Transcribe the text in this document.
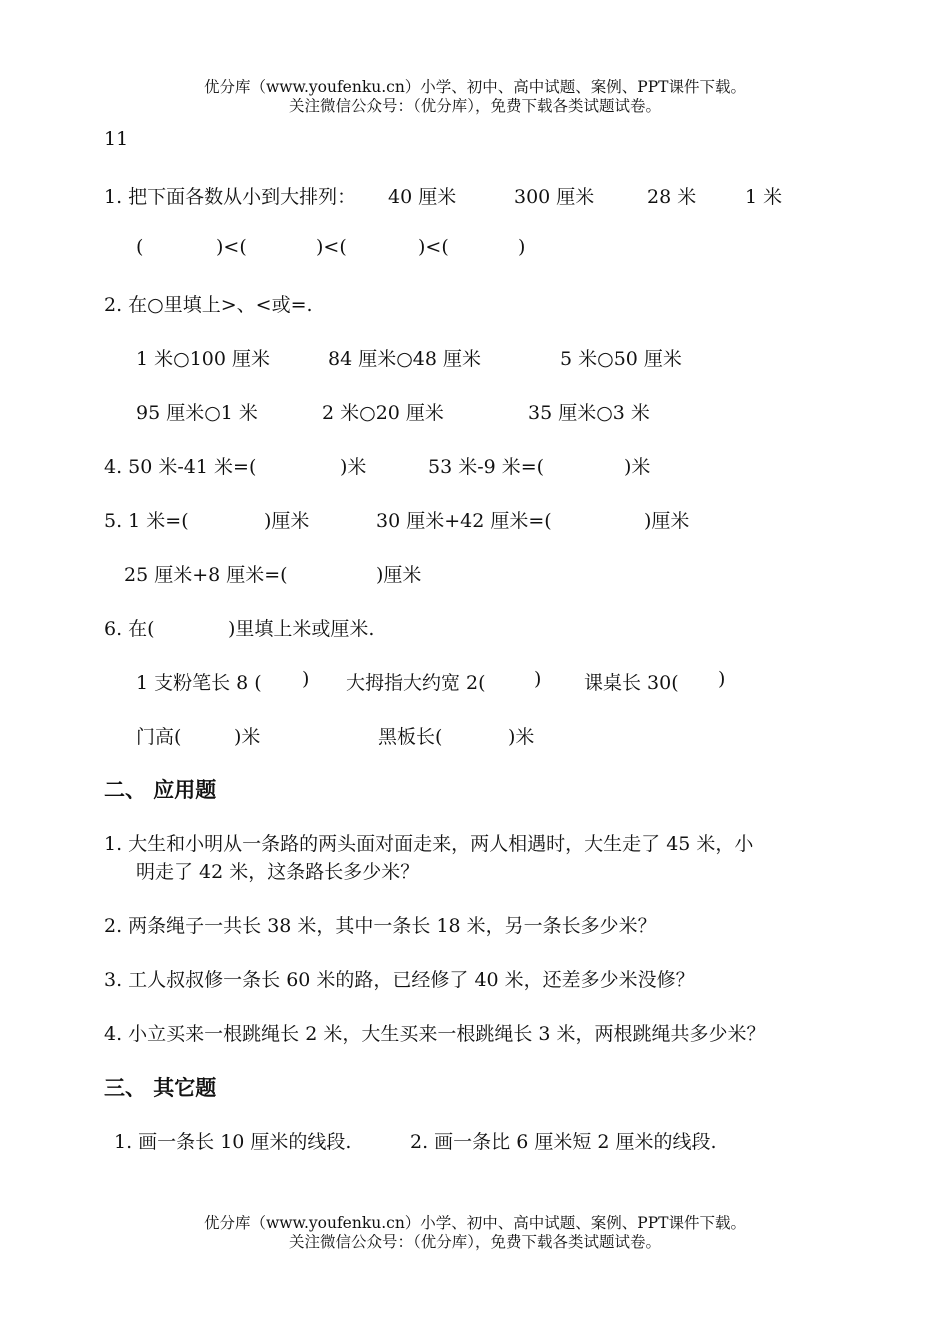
优分库（www.youfenku.cn）小学、初中、高中试题、案例、PPT课件下载。
关注微信公众号：（优分库），免费下载各类试题试卷。
11
1. 把下面各数从小到大排列： 40 厘米	300 厘米	28 米	1 米
(	)<(	)<(	)<(	)
2. 在○里填上>、<或=.
1 米○100 厘米	84 厘米○48 厘米	5 米○50 厘米
95 厘米○1 米	2 米○20 厘米	35 厘米○3 米
4. 50 米-41 米=(	)米	53 米-9 米=(	)米
5. 1 米=(	)厘米	30 厘米+42 厘米=(	)厘米
25 厘米+8 厘米=(	)厘米
6. 在(	)里填上米或厘米.
1 支粉笔长 8 ( ) 大拇指大约宽 2(	) 课桌长 30( )
门高(	)米	黑板长(	)米
二、 应用题
1. 大生和小明从一条路的两头面对面走来，两人相遇时，大生走了 45 米，小
明走了 42 米，这条路长多少米？
2. 两条绳子一共长 38 米，其中一条长 18 米，另一条长多少米？
3. 工人叔叔修一条长 60 米的路，已经修了 40 米，还差多少米没修？
4. 小立买来一根跳绳长 2 米，大生买来一根跳绳长 3 米，两根跳绳共多少米？
三、 其它题
1. 画一条长 10 厘米的线段.	2. 画一条比 6 厘米短 2 厘米的线段.
优分库（www.youfenku.cn）小学、初中、高中试题、案例、PPT课件下载。
关注微信公众号：（优分库），免费下载各类试题试卷。
